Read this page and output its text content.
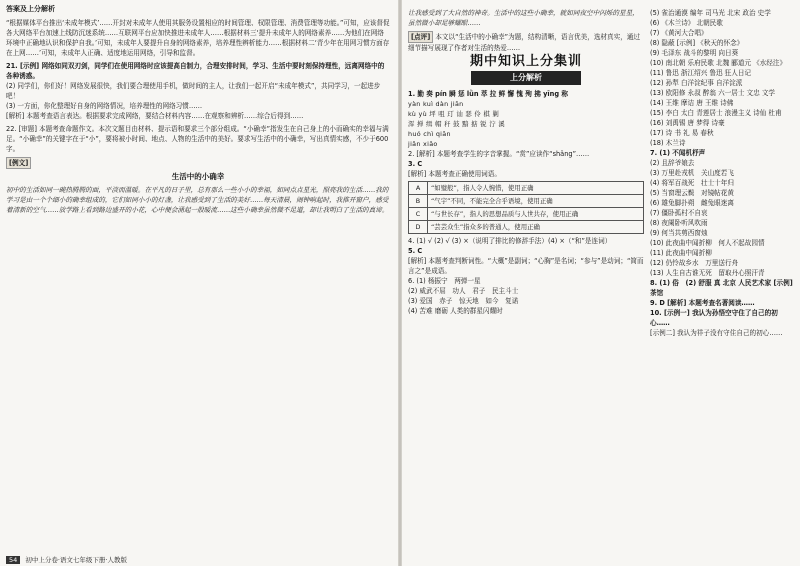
答案及上分解析

“根据媒体平台推出‘未成年模式’……开封对未成年人使用其服务设置相应的时间管理、权限管理、消费管理等功能。”可知，应该督促各大网络平台加速上线防沉迷系统……互联网平台应加快推进未成年人……根据材料三‘提升未成年人的网络素养……为他们在网络环境中正确地认识和保护自我。’可知，未成年人要提升自身的网络素养，培养理性辨析能力……根据材料二‘青少年在用网习惯方面存在上网……’可知，未成年人正确、适度地运用网络，引导和监督。

21. [示例] 网络如同双刃剑，同学们在使用网络时应该提高自制力，合理安排时间，学习、生活中要时刻保持理性，远离网络中的各种诱惑。

(2) 同学们，你们好！网络发展很快，我们要合理使用手机，做时间的主人，让我们一起开启“未成年模式”，共同学习，一起进步吧！

(3) 一方面，你化整理好自身的网络情况，培养理性的网络习惯……

[解析] 本题考查语言表达。根据要求完成网络，要结合材料内容……在观察和辨析……综合后得到……

22. [审题] 本题考查命题作文。本次文题目由材料、提示语和要求三个部分组成。“小确幸”指发生在自己身上的小而确实的幸福与满足。“小确幸”的关键字在于“小”，要将被小时间、地点、人物的生活中的美好。要求写生活中的小确幸，写出真情实感，不少于600字。

[例文]

生活中的小确幸

初中的生活如同一碗热腾腾的面，平淡而温暖。在平凡的日子里，总有那么一些小小的幸福，如同点点星光，照亮我的生活……我的学习是由一个个细小的确幸组成的，它们如同小小的灯盏，让我感受到了生活的美好……每天清晨，闹钟响起时，我推开窗户，感受着清新的空气……放学路上看到路边盛开的小花，心中便会涌起一股暖流……这些小确幸虽然微不足道，却让我明白了生活的真谛。

54 初中上分卷·语文七年级下册·人教版

让我感受到了大自然的神奇。生活中的这些小确幸，就如同夜空中闪烁的星星，虽然微小却足够耀眼……

[点评] 本文以“生活中的小确幸”为题，结构清晰，语言优美，选材真实，通过细节描写展现了作者对生活的热爱……

期中知识上分集训
上分解析

1. 勤 奏 pín 瞬 惩 lǜn 萃 拉 鲜 懈 愧 殉 拂 yīng 称

yàn kuì dàn jiān

kù yù 坪 咀 玎 讪 瑟 伶 棋 剿

浑 掸 缉 帽 秆 鼓 黯 掂 锐 泞 溪

huó chì qiān

jiǎn xiǎo

2. [解析] 本题考查学生的字音掌握。“赏”应读作“shǎng”……

3. C

[解析] 本题考查正确使用词语。

A	“如璧般”，指人令人惋惜，使用正确
B	“气宇”不同，不能完全合乎语境，使用正确
C	“与世长存”，指人的思想品质与人世共存，使用正确
D	“芸芸众生”指众多的普通人，使用正确

4. (1) √ (2) √ (3) ×（说明了排比的修辞手法）(4) ×（“和”是连词）

5. C

[解析] 本题考查判断词性。“大概”是副词；“心胸”是名词；“参与”是动词；“简而言之”是成语。

6. (1) 杨振宁　两弹一星

(2) 威武不屈　功人　君子　民主斗士

(3) 爱国　赤子　惊天地　如今　复诺

(4) 苦难 磨砺 人类的群星闪耀时

(5) 雀治通漠 编年 司马光 北宋 政治 史学

(6) 《木兰诗》 北朝民歌

(7) 《黄河大合唱》

(8) 隐蔽 [示例] 《秋天的怀念》

(9) 毛泽东 战斗的黎明 向日葵

(10) 南北朝 乐府民歌 北魏 郦道元 《水经注》

(11) 鲁迅 浙江绍兴 鲁迅 狂人日记

(12) 孙犁 白洋淀纪事 自洋淀派

(13) 欧阳修 永叔 醉翁 六一居士 文忠 文学

(14) 王维 摩诘 唐 王维 诗佛

(15) 李白 太白 青莲居士 浪漫主义 诗仙 杜甫

(16) 刘禹锡 唐 梦得 诗豪

(17) 诗 书 礼 易 春秋

(18) 木兰诗

7. (1) 不闻机杼声

(2) 且辞爷娘去

(3) 万里赴戎机　关山度若飞

(4) 将军百战死　壮士十年归

(5) 当窗理云鬓　对镜帖花黄

(6) 雄兔脚扑朔　雌兔眼迷离

(7) 僵卧孤村不自哀

(8) 夜阑卧听风吹雨

(9) 何当共剪西窗烛

(10) 此夜曲中闻折柳　何人不起故园情

(11) 此夜曲中闻折柳

(12) 仍怜故乡水　万里送行舟

(13) 人生自古谁无死　留取丹心照汗青

8. (1) 俗　(2) 舒服 真 北京 人民艺术家 [示例] 茶馆

9. D [解析] 本题考查名著阅读……

10. [示例一] 我认为孙悟空守住了自己的初心……

[示例二] 我认为祥子没有守住自己的初心……
